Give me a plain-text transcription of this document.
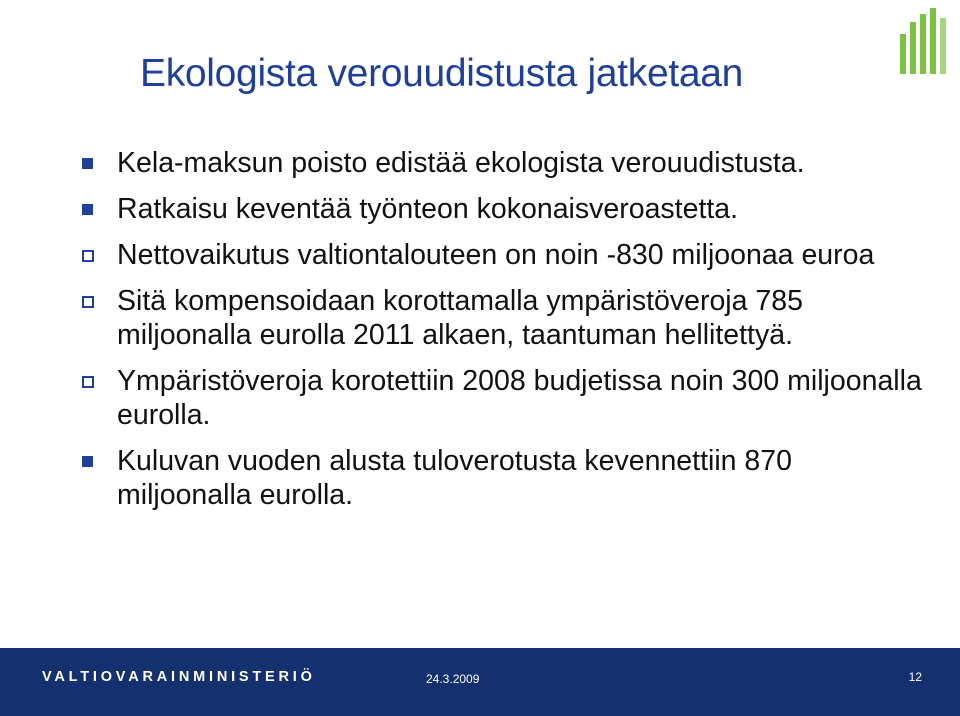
Ekologista verouudistusta jatketaan
Kela-maksun poisto edistää ekologista verouudistusta.
Ratkaisu keventää työnteon kokonaisveroastetta.
Nettovaikutus valtiontalouteen on noin -830 miljoonaa euroa
Sitä kompensoidaan korottamalla ympäristöveroja 785 miljoonalla eurolla 2011 alkaen, taantuman hellitettyä.
Ympäristöveroja korotettiin 2008 budjetissa noin 300 miljoonalla eurolla.
Kuluvan vuoden alusta tuloverotusta kevennettiin 870 miljoonalla eurolla.
VALTIOVARAINMINISTERIÖ	24.3.2009	12
